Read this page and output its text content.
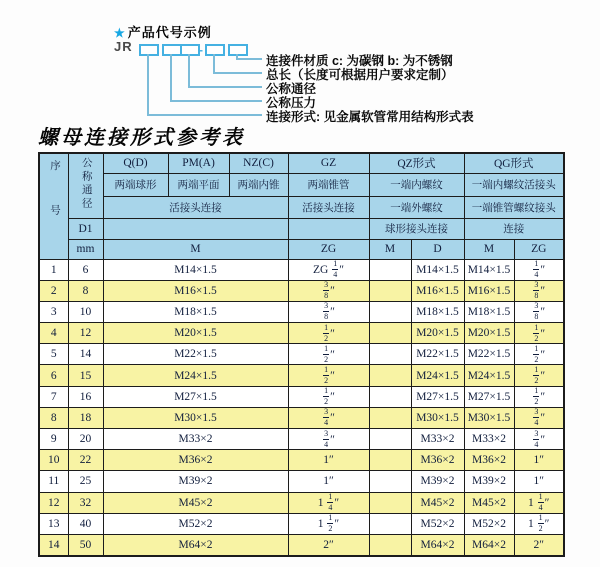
★ 产品代号示例
JR	-
连接件材质 c: 为碳钢 b: 为不锈钢
总长（长度可根据用户要求定制）
公称通径
公称压力
连接形式: 见金属软管常用结构形式表
螺母连接形式参考表
序号	公称通径	Q(D)	PM(A)	NZ(C)	GZ	QZ形式		QG形式	
		两端球形	两端平面	两端内锥	两端锥管	一端内螺纹		一端内螺纹活接头	
		活接头连接			活接头连接	一端外螺纹		一端锥管螺纹接头	
	D1					球形接头连接		连接	
	mm	M			ZG	M	D	M	ZG
1	6	M14×1.5			ZG $\frac{1}{4}$ ″		M14×1.5	M14×1.5	$\frac{1}{4}$ ″
2	8	M16×1.5			$\frac{3}{8}$ ″		M16×1.5	M16×1.5	$\frac{3}{8}$ ″
3	10	M18×1.5			$\frac{3}{8}$ ″		M18×1.5	M18×1.5	$\frac{3}{8}$ ″
4	12	M20×1.5			$\frac{1}{2}$ ″		M20×1.5	M20×1.5	$\frac{1}{2}$ ″
5	14	M22×1.5			$\frac{1}{2}$ ″		M22×1.5	M22×1.5	$\frac{1}{2}$ ″
6	15	M24×1.5			$\frac{1}{2}$ ″		M24×1.5	M24×1.5	$\frac{1}{2}$ ″
7	16	M27×1.5			$\frac{1}{2}$ ″		M27×1.5	M27×1.5	$\frac{1}{2}$ ″
8	18	M30×1.5			$\frac{3}{4}$ ″		M30×1.5	M30×1.5	$\frac{3}{4}$ ″
9	20	M33×2			$\frac{3}{4}$ ″		M33×2	M33×2	$\frac{3}{4}$ ″
10	22	M36×2			1″		M36×2	M36×2	1″
11	25	M39×2			1″		M39×2	M39×2	1″
12	32	M45×2			$1 \frac{1}{4}$ ″		M45×2	M45×2	$1 \frac{1}{4}$ ″
13	40	M52×2			$1 \frac{1}{2}$ ″		M52×2	M52×2	$1 \frac{1}{2}$ ″
14	50	M64×2			2″		M64×2	M64×2	2″
